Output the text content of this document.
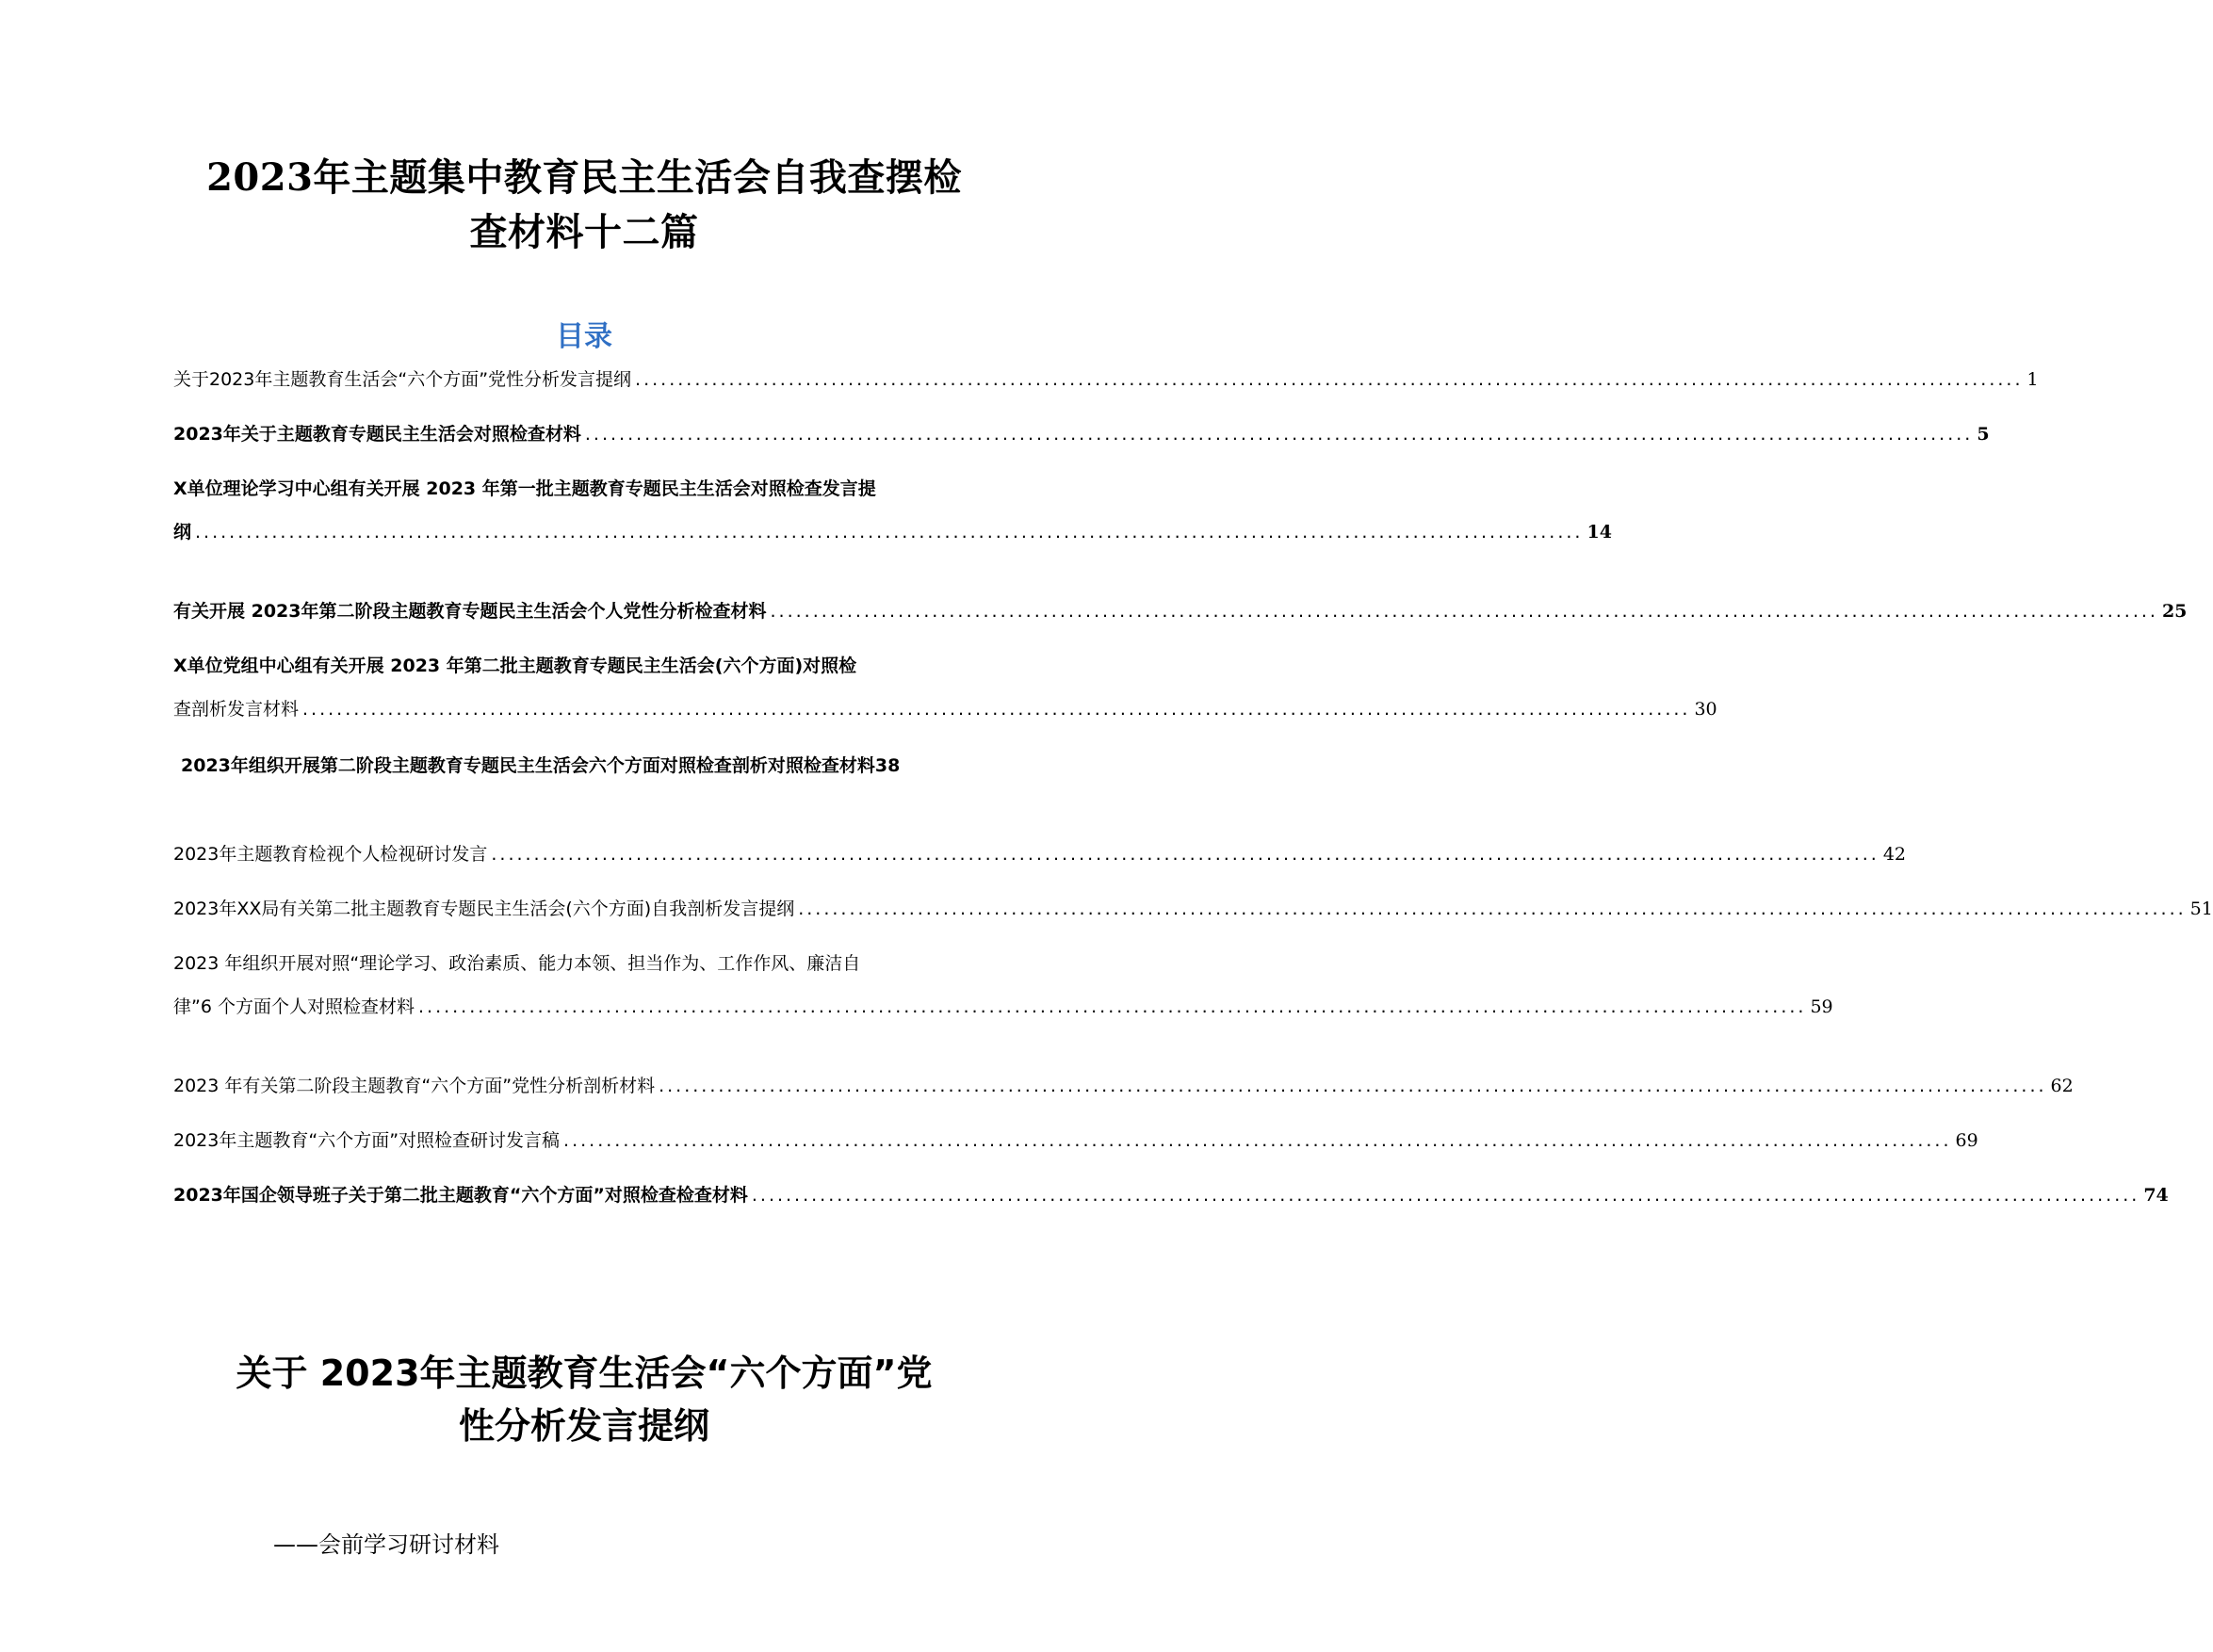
2023年主题集中教育民主生活会自我查摆检
查材料十二篇
目录
关于2023年主题教育生活会“六个方面”党性分析发言提纲 ................................................................................................................................................................... 1
2023年关于主题教育专题民主生活会对照检查材料 ................................................................................................................................................................... 5
X单位理论学习中心组有关开展 2023 年第一批主题教育专题民主生活会对照检查发言提
纲 ................................................................................................................................................................... 14
有关开展 2023年第二阶段主题教育专题民主生活会个人党性分析检查材料 ................................................................................................................................................................... 25
X单位党组中心组有关开展 2023 年第二批主题教育专题民主生活会(六个方面)对照检
查剖析发言材料 ................................................................................................................................................................... 30
2023年组织开展第二阶段主题教育专题民主生活会六个方面对照检查剖析对照检查材料38
2023年主题教育检视个人检视研讨发言 ................................................................................................................................................................... 42
2023年XX局有关第二批主题教育专题民主生活会(六个方面)自我剖析发言提纲 ................................................................................................................................................................... 51
2023 年组织开展对照“理论学习、政治素质、能力本领、担当作为、工作作风、廉洁自
律”6 个方面个人对照检查材料 ................................................................................................................................................................... 59
2023 年有关第二阶段主题教育“六个方面”党性分析剖析材料 ................................................................................................................................................................... 62
2023年主题教育“六个方面”对照检查研讨发言稿 ................................................................................................................................................................... 69
2023年国企领导班子关于第二批主题教育“六个方面”对照检查检查材料 ................................................................................................................................................................... 74
关于 2023年主题教育生活会“六个方面”党
性分析发言提纲
——会前学习研讨材料
